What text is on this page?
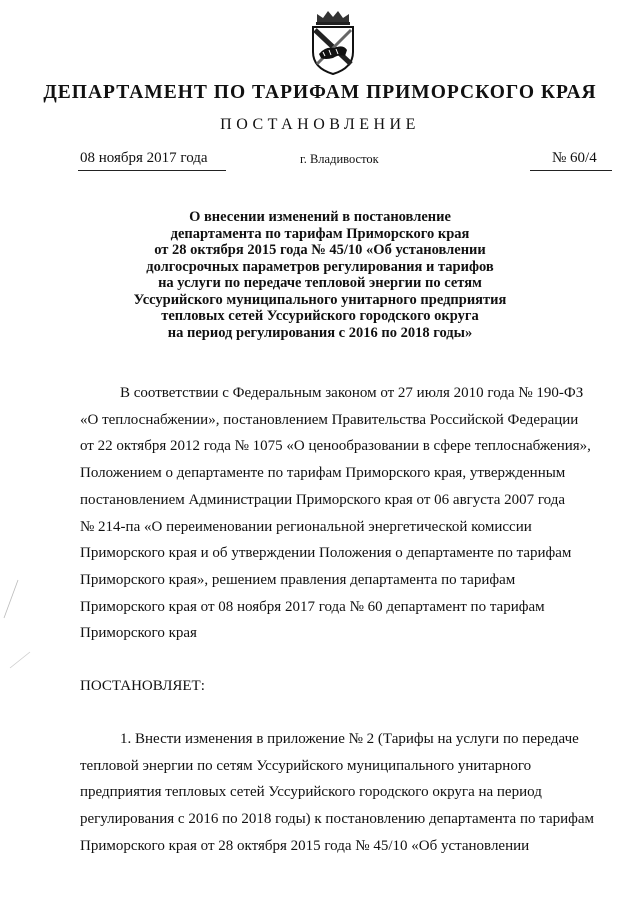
ДЕПАРТАМЕНТ ПО ТАРИФАМ ПРИМОРСКОГО КРАЯ
ПОСТАНОВЛЕНИЕ
08 ноября 2017 года	г. Владивосток	№ 60/4
О внесении изменений в постановление
департамента по тарифам Приморского края
от 28 октября 2015 года № 45/10 «Об установлении
долгосрочных параметров регулирования и тарифов
на услуги по передаче тепловой энергии по сетям
Уссурийского муниципального унитарного предприятия
тепловых сетей Уссурийского городского округа
на период регулирования с 2016 по 2018 годы»
В соответствии с Федеральным законом от 27 июля 2010 года № 190-ФЗ
«О теплоснабжении», постановлением Правительства Российской Федерации
от 22 октября 2012 года № 1075 «О ценообразовании в сфере теплоснабжения»,
Положением о департаменте по тарифам Приморского края, утвержденным
постановлением Администрации Приморского края от 06 августа 2007 года
№ 214-па «О переименовании региональной энергетической комиссии
Приморского края и об утверждении Положения о департаменте по тарифам
Приморского края», решением правления департамента по тарифам
Приморского края от 08 ноября 2017 года № 60 департамент по тарифам
Приморского края
ПОСТАНОВЛЯЕТ:
1. Внести изменения в приложение № 2 (Тарифы на услуги по передаче
тепловой энергии по сетям Уссурийского муниципального унитарного
предприятия тепловых сетей Уссурийского городского округа на период
регулирования с 2016 по 2018 годы) к постановлению департамента по тарифам
Приморского края от 28 октября 2015 года № 45/10 «Об установлении
